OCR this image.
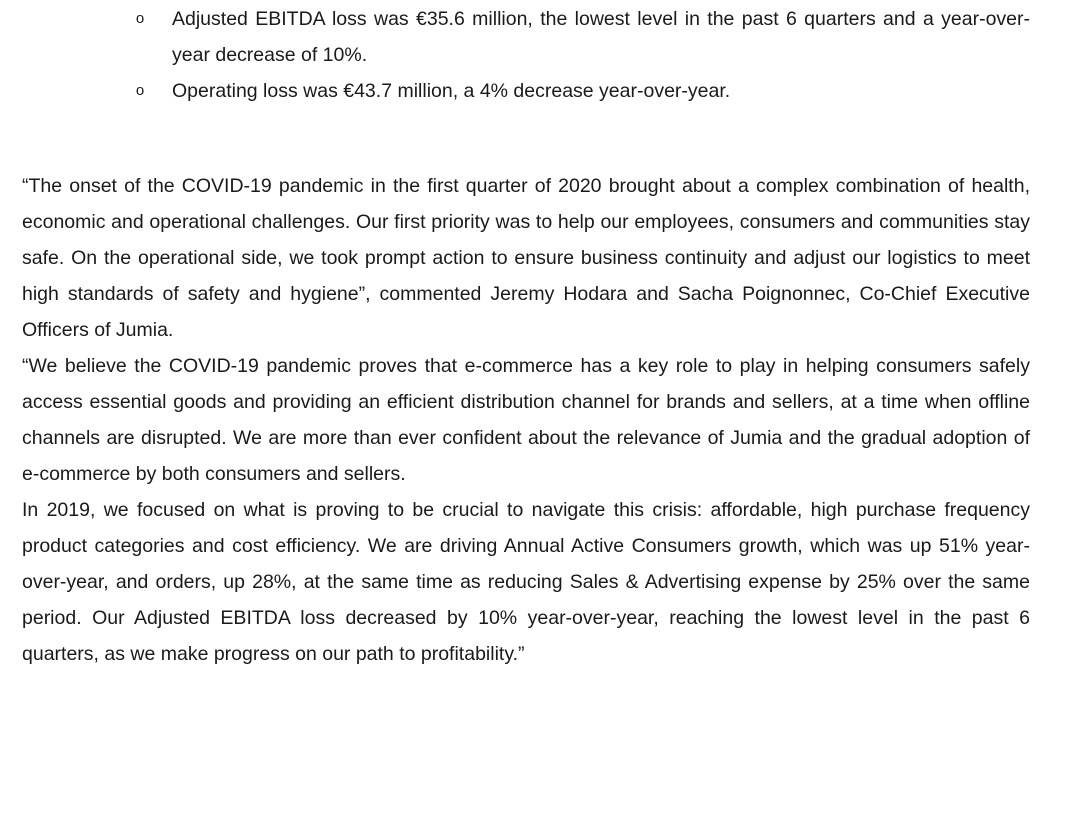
o Adjusted EBITDA loss was €35.6 million, the lowest level in the past 6 quarters and a year-over-year decrease of 10%.
o Operating loss was €43.7 million, a 4% decrease year-over-year.

“The onset of the COVID-19 pandemic in the first quarter of 2020 brought about a complex combination of health, economic and operational challenges. Our first priority was to help our employees, consumers and communities stay safe. On the operational side, we took prompt action to ensure business continuity and adjust our logistics to meet high standards of safety and hygiene”, commented Jeremy Hodara and Sacha Poignonnec, Co-Chief Executive Officers of Jumia.

“We believe the COVID-19 pandemic proves that e-commerce has a key role to play in helping consumers safely access essential goods and providing an efficient distribution channel for brands and sellers, at a time when offline channels are disrupted. We are more than ever confident about the relevance of Jumia and the gradual adoption of e-commerce by both consumers and sellers.

In 2019, we focused on what is proving to be crucial to navigate this crisis: affordable, high purchase frequency product categories and cost efficiency. We are driving Annual Active Consumers growth, which was up 51% year-over-year, and orders, up 28%, at the same time as reducing Sales & Advertising expense by 25% over the same period. Our Adjusted EBITDA loss decreased by 10% year-over-year, reaching the lowest level in the past 6 quarters, as we make progress on our path to profitability.”
